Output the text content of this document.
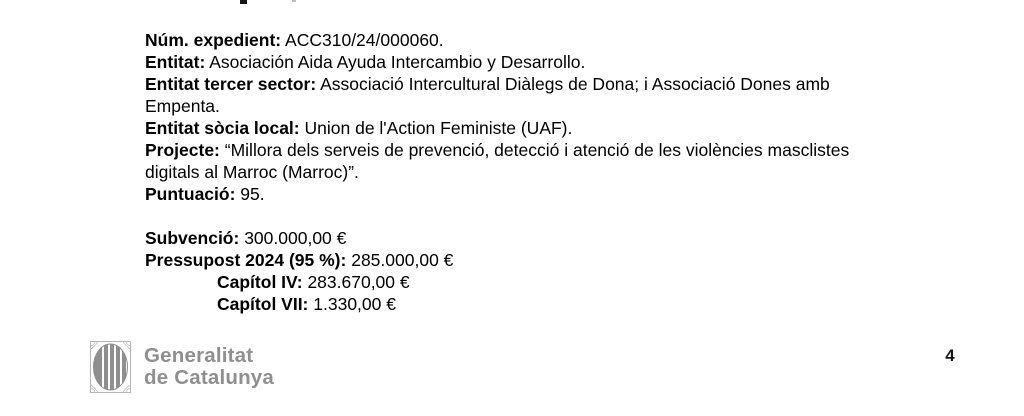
Núm. expedient: ACC310/24/000060.
Entitat: Asociación Aida Ayuda Intercambio y Desarrollo.
Entitat tercer sector: Associació Intercultural Diàlegs de Dona; i Associació Dones amb
Empenta.
Entitat sòcia local: Union de l'Action Feministe (UAF).
Projecte: “Millora dels serveis de prevenció, detecció i atenció de les violències masclistes
digitals al Marroc (Marroc)”.
Puntuació: 95.
Subvenció: 300.000,00 €
Pressupost 2024 (95 %): 285.000,00 €
Capítol IV: 283.670,00 €
Capítol VII: 1.330,00 €
Generalitat
de Catalunya
4
